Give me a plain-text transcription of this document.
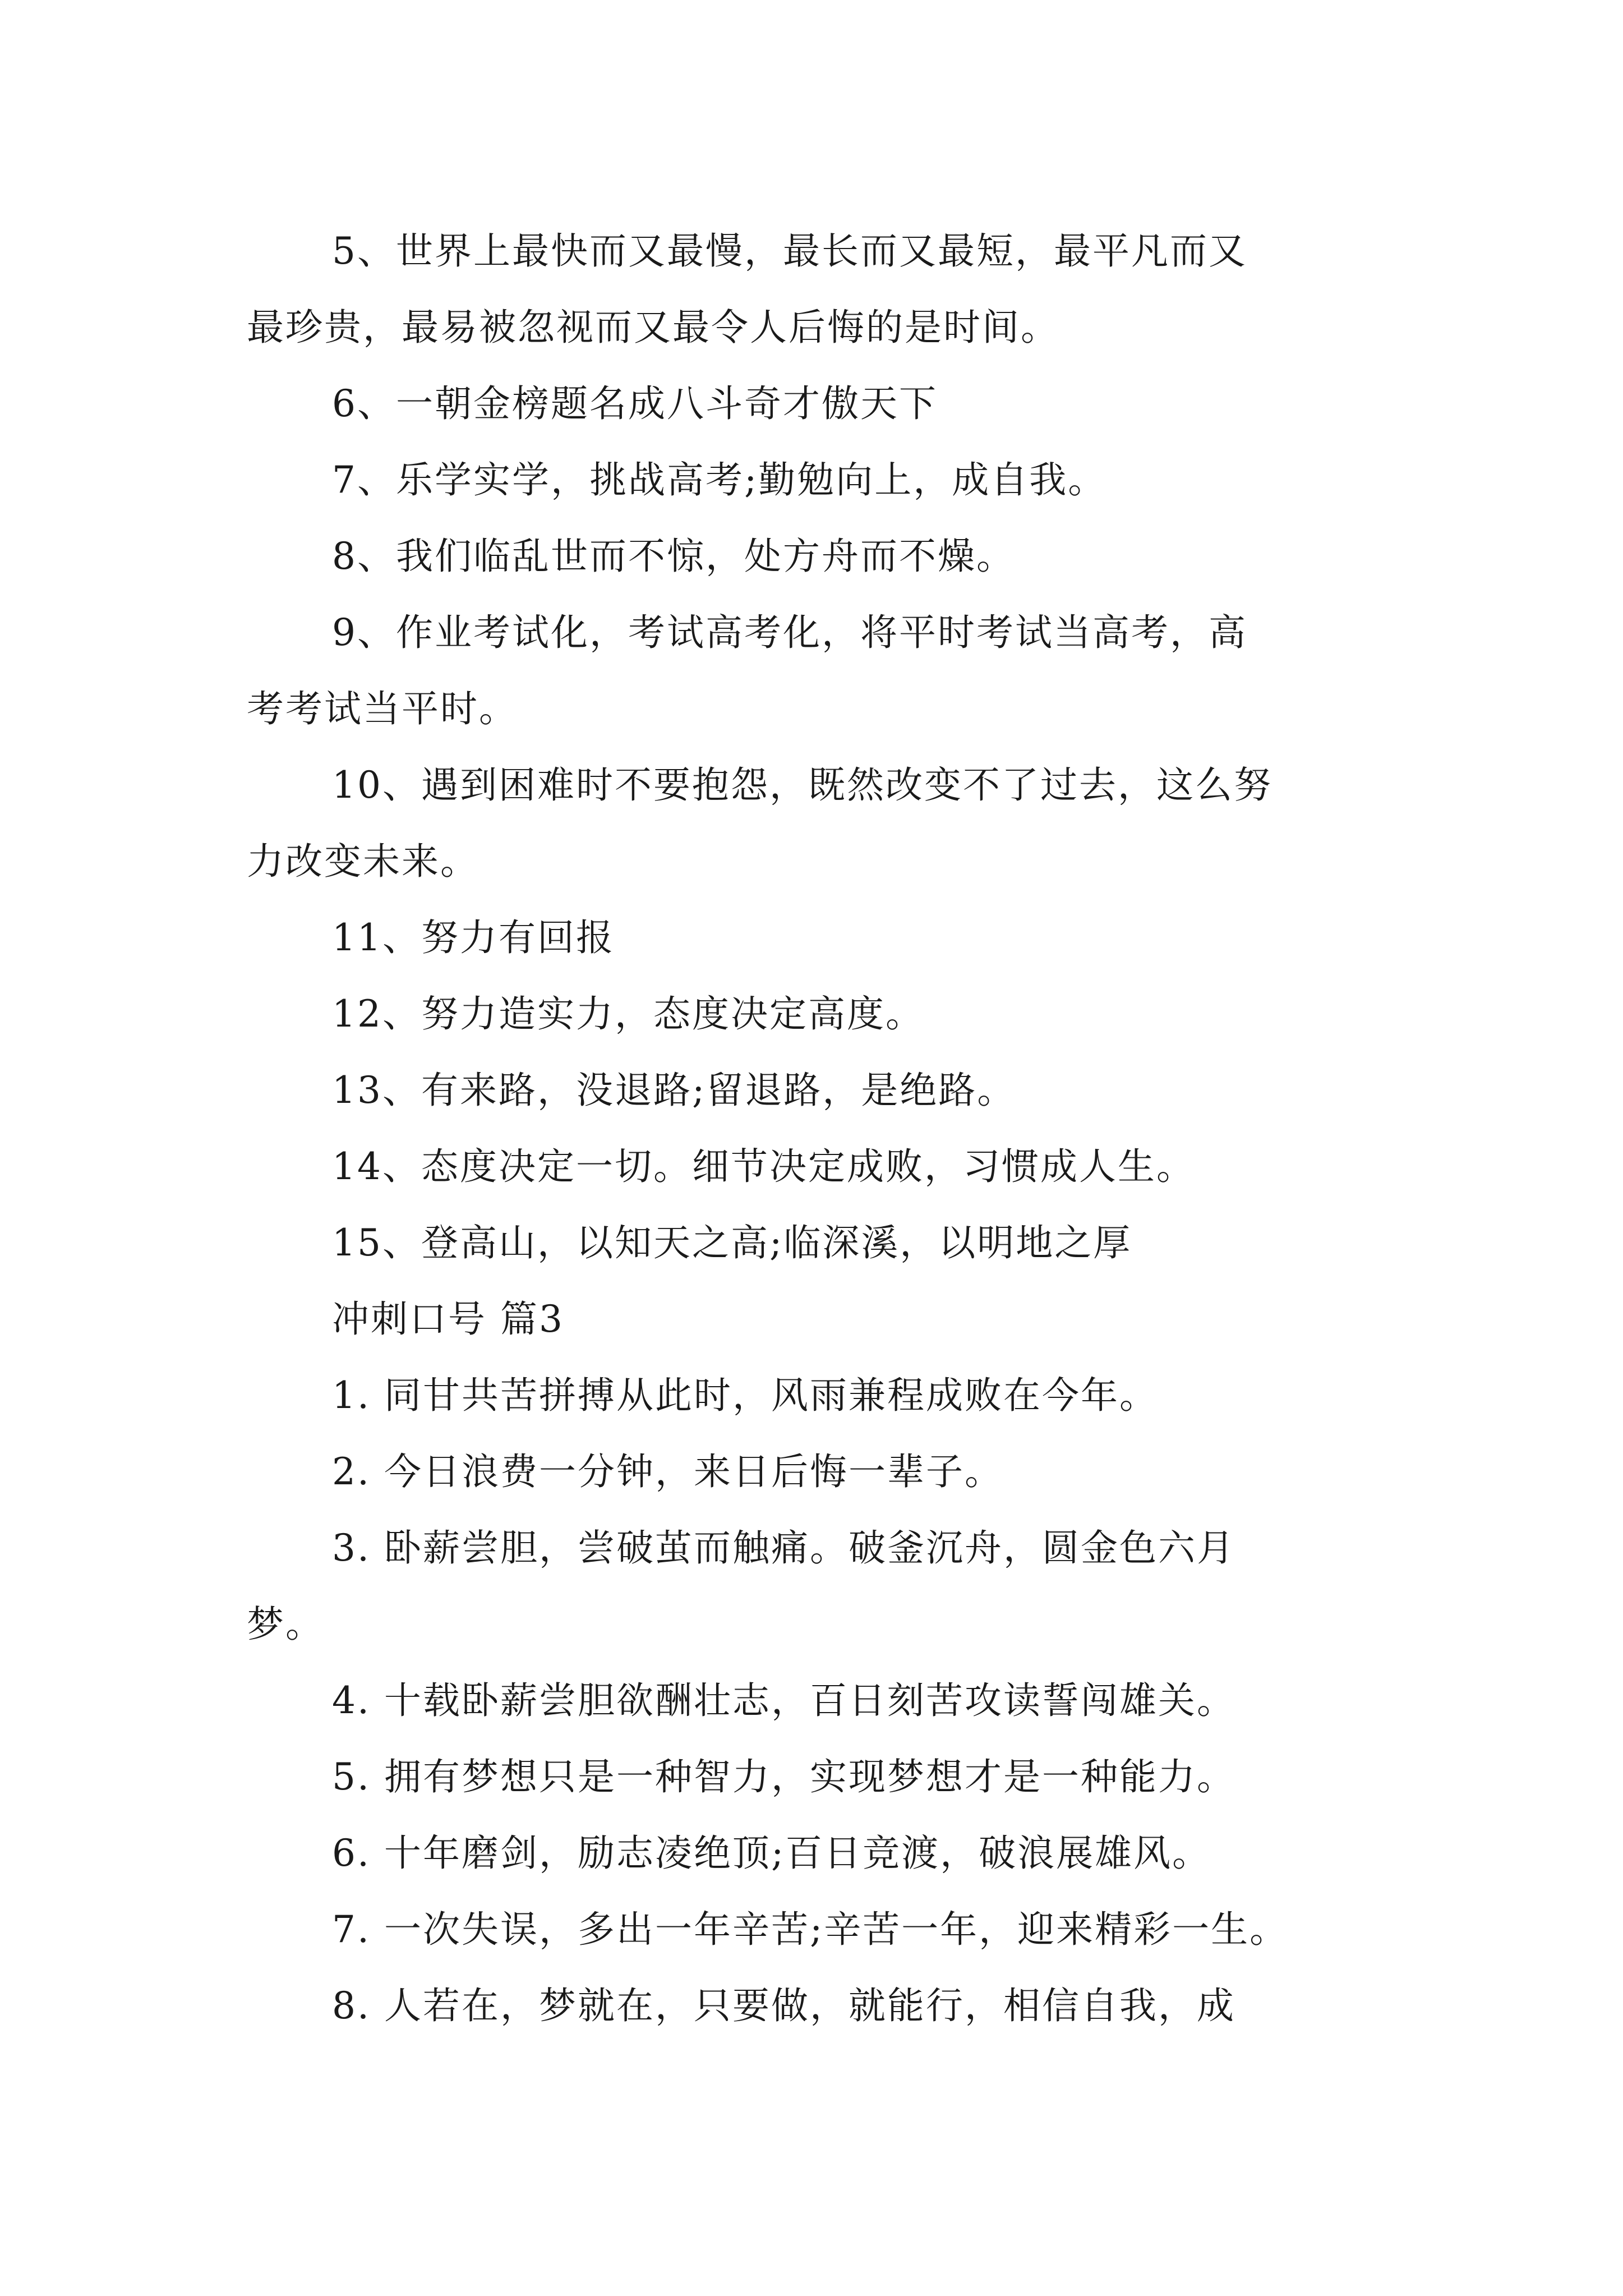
5、世界上最快而又最慢，最长而又最短，最平凡而又
最珍贵，最易被忽视而又最令人后悔的是时间。
6、一朝金榜题名成八斗奇才傲天下
7、乐学实学，挑战高考;勤勉向上，成自我。
8、我们临乱世而不惊，处方舟而不燥。
9、作业考试化，考试高考化，将平时考试当高考，高
考考试当平时。
10、遇到困难时不要抱怨，既然改变不了过去，这么努
力改变未来。
11、努力有回报
12、努力造实力，态度决定高度。
13、有来路，没退路;留退路，是绝路。
14、态度决定一切。细节决定成败，习惯成人生。
15、登高山，以知天之高;临深溪，以明地之厚
冲刺口号 篇3
1. 同甘共苦拼搏从此时，风雨兼程成败在今年。
2. 今日浪费一分钟，来日后悔一辈子。
3. 卧薪尝胆，尝破茧而触痛。破釜沉舟，圆金色六月
梦。
4. 十载卧薪尝胆欲酬壮志，百日刻苦攻读誓闯雄关。
5. 拥有梦想只是一种智力，实现梦想才是一种能力。
6. 十年磨剑，励志凌绝顶;百日竞渡，破浪展雄风。
7. 一次失误，多出一年辛苦;辛苦一年，迎来精彩一生。
8. 人若在，梦就在，只要做，就能行，相信自我，成
